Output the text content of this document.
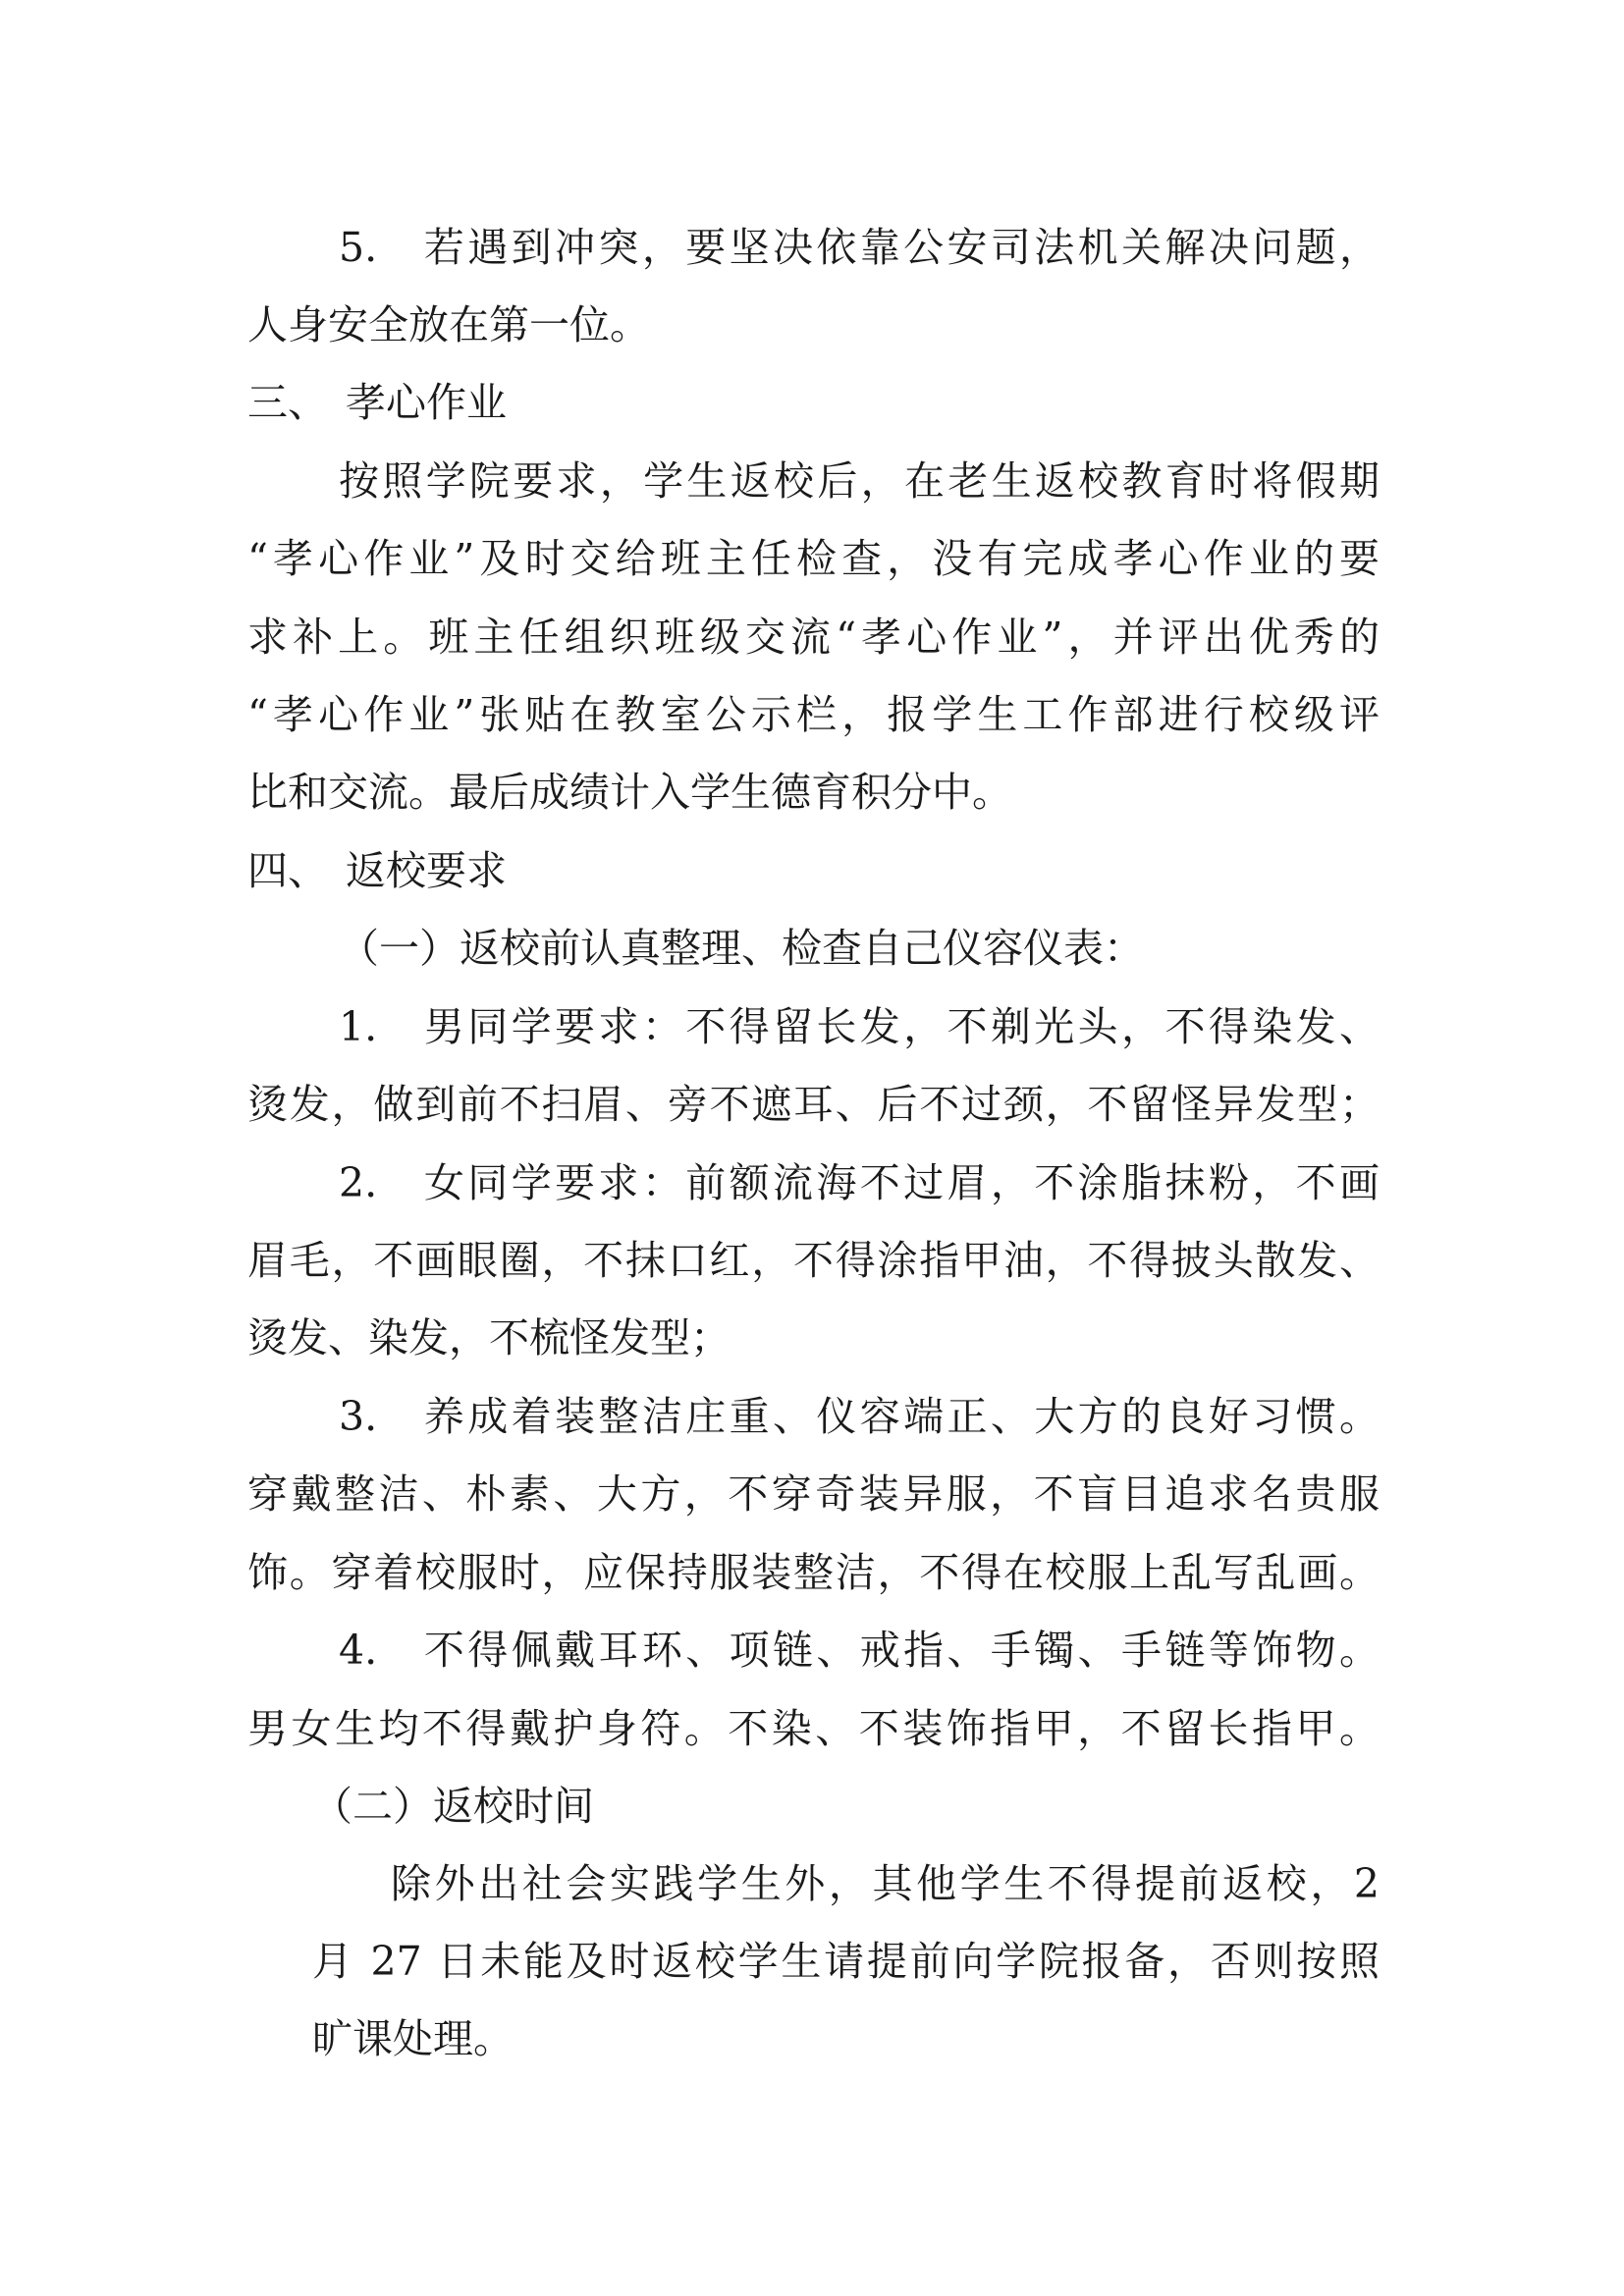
5.　若遇到冲突，要坚决依靠公安司法机关解决问题，
人身安全放在第一位。
三、 孝心作业
按照学院要求，学生返校后，在老生返校教育时将假期
“孝心作业”及时交给班主任检查，没有完成孝心作业的要
求补上。班主任组织班级交流“孝心作业”，并评出优秀的
“孝心作业”张贴在教室公示栏，报学生工作部进行校级评
比和交流。最后成绩计入学生德育积分中。
四、 返校要求
（一）返校前认真整理、检查自己仪容仪表：
1.　男同学要求：不得留长发，不剃光头，不得染发、
烫发，做到前不扫眉、旁不遮耳、后不过颈，不留怪异发型；
2.　女同学要求：前额流海不过眉，不涂脂抹粉，不画
眉毛，不画眼圈，不抹口红，不得涂指甲油，不得披头散发、
烫发、染发，不梳怪发型；
3.　养成着装整洁庄重、仪容端正、大方的良好习惯。
穿戴整洁、朴素、大方，不穿奇装异服，不盲目追求名贵服
饰。穿着校服时，应保持服装整洁，不得在校服上乱写乱画。
4.　不得佩戴耳环、项链、戒指、手镯、手链等饰物。
男女生均不得戴护身符。不染、不装饰指甲，不留长指甲。
（二）返校时间
除外出社会实践学生外，其他学生不得提前返校，2
月 27 日未能及时返校学生请提前向学院报备，否则按照
旷课处理。
